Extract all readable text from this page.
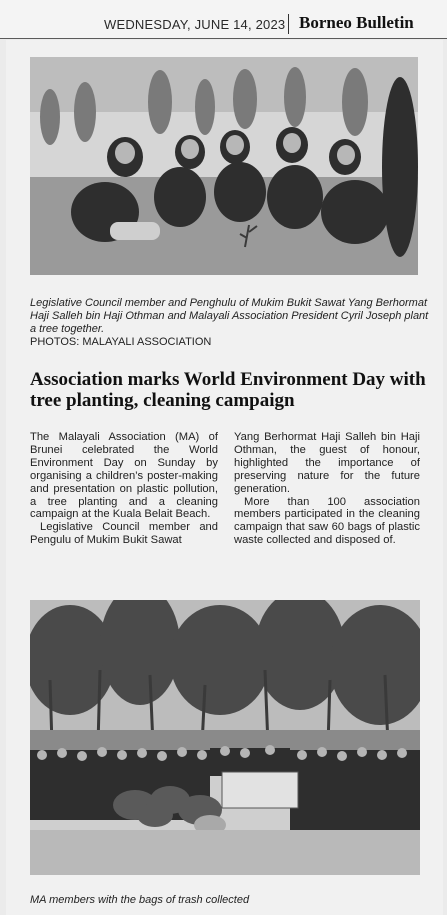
WEDNESDAY, JUNE 14, 2023 Borneo Bulletin
Legislative Council member and Penghulu of Mukim Bukit Sawat Yang Berhormat Haji Salleh bin Haji Othman and Malayali Association President Cyril Joseph plant a tree together.
PHOTOS: MALAYALI ASSOCIATION
Association marks World Environment Day with tree planting, cleaning campaign

The Malayali Association (MA) of Brunei celebrated the World Environment Day on Sunday by organising a children’s poster-making and presentation on plastic pollution, a tree planting and a cleaning campaign at the Kuala Belait Beach.

Legislative Council member and Pengulu of Mukim Bukit Sawat

Yang Berhormat Haji Salleh bin Haji Othman, the guest of honour, highlighted the importance of preserving nature for the future generation.

More than 100 association members participated in the cleaning campaign that saw 60 bags of plastic waste collected and disposed of.

MA members with the bags of trash collected
